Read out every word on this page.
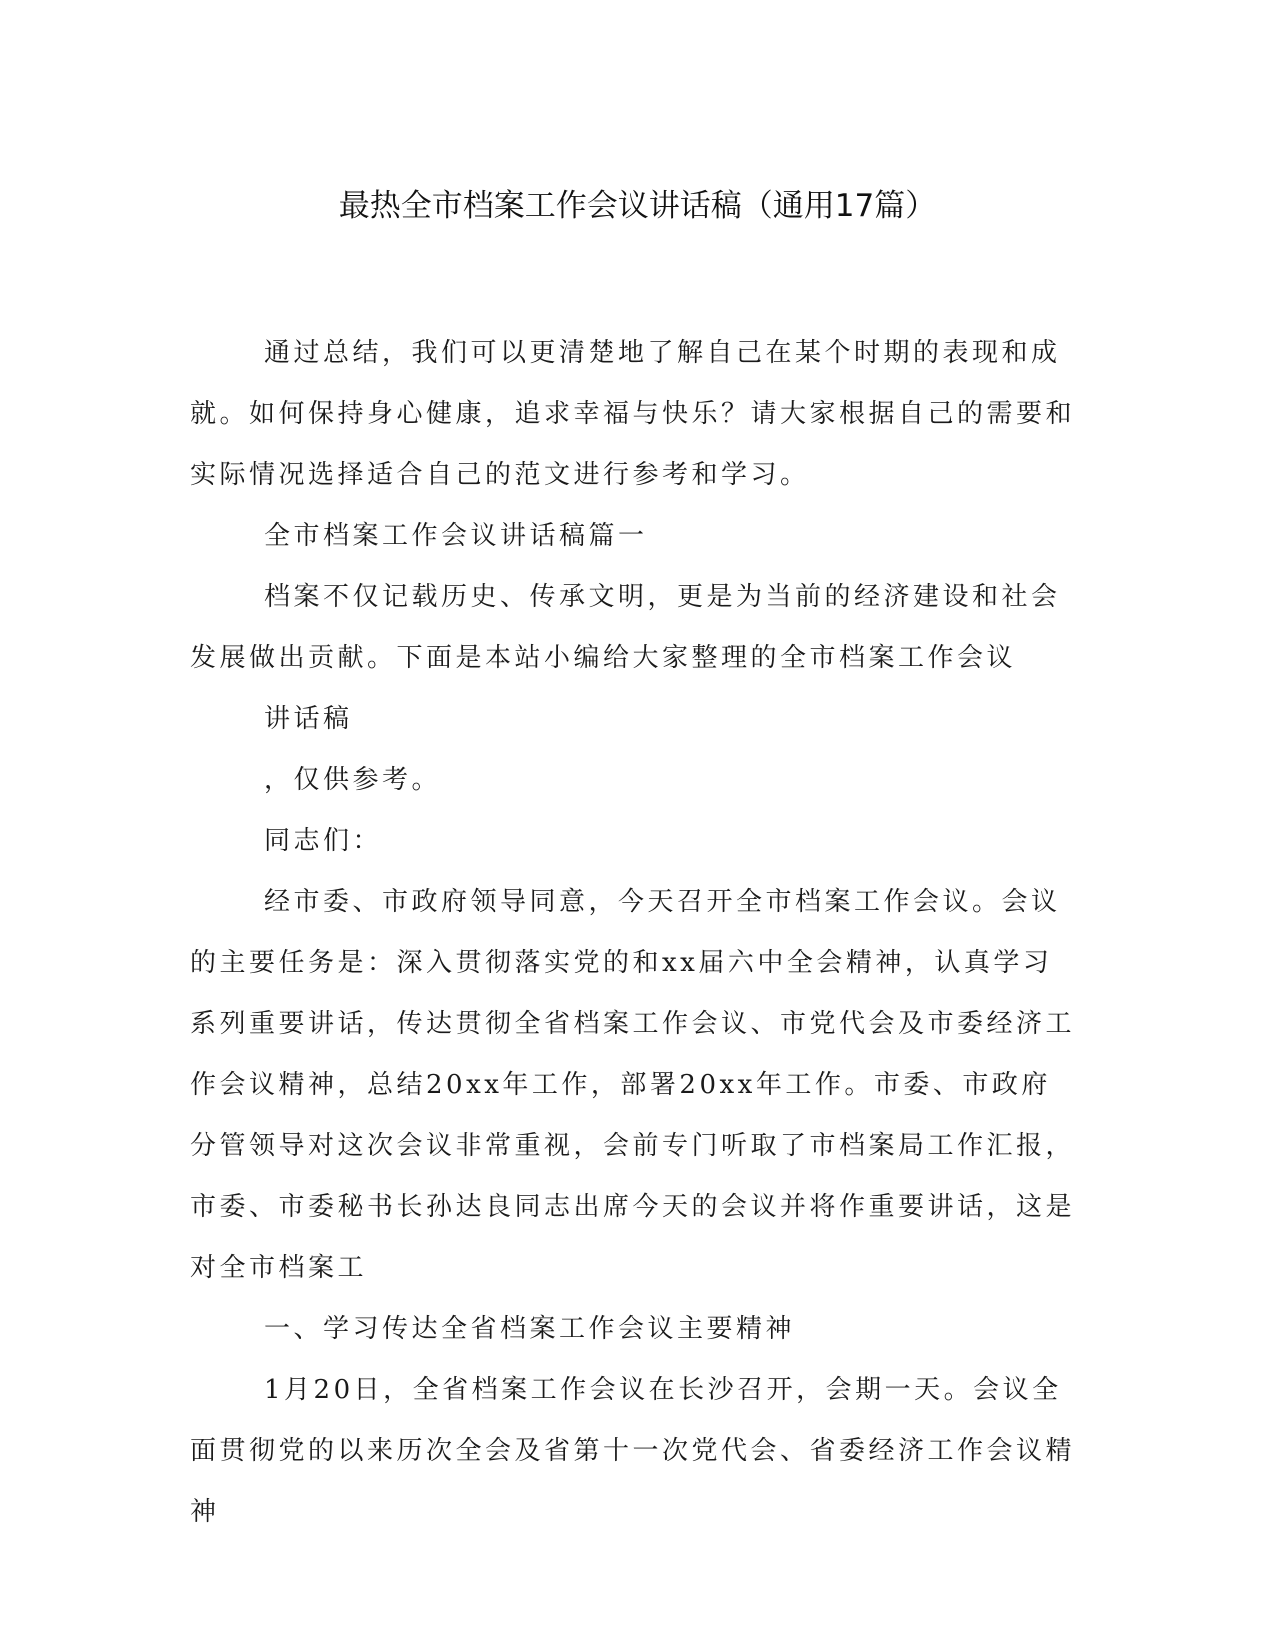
最热全市档案工作会议讲话稿（通用17篇）

通过总结，我们可以更清楚地了解自己在某个时期的表现和成就。如何保持身心健康，追求幸福与快乐？请大家根据自己的需要和实际情况选择适合自己的范文进行参考和学习。

全市档案工作会议讲话稿篇一

档案不仅记载历史、传承文明，更是为当前的经济建设和社会发展做出贡献。下面是本站小编给大家整理的全市档案工作会议

讲话稿

，仅供参考。

同志们：

经市委、市政府领导同意，今天召开全市档案工作会议。会议的主要任务是：深入贯彻落实党的和xx届六中全会精神，认真学习系列重要讲话，传达贯彻全省档案工作会议、市党代会及市委经济工作会议精神，总结20xx年工作，部署20xx年工作。市委、市政府分管领导对这次会议非常重视，会前专门听取了市档案局工作汇报，市委、市委秘书长孙达良同志出席今天的会议并将作重要讲话，这是对全市档案工

一、学习传达全省档案工作会议主要精神

1月20日，全省档案工作会议在长沙召开，会期一天。会议全面贯彻党的以来历次全会及省第十一次党代会、省委经济工作会议精神
